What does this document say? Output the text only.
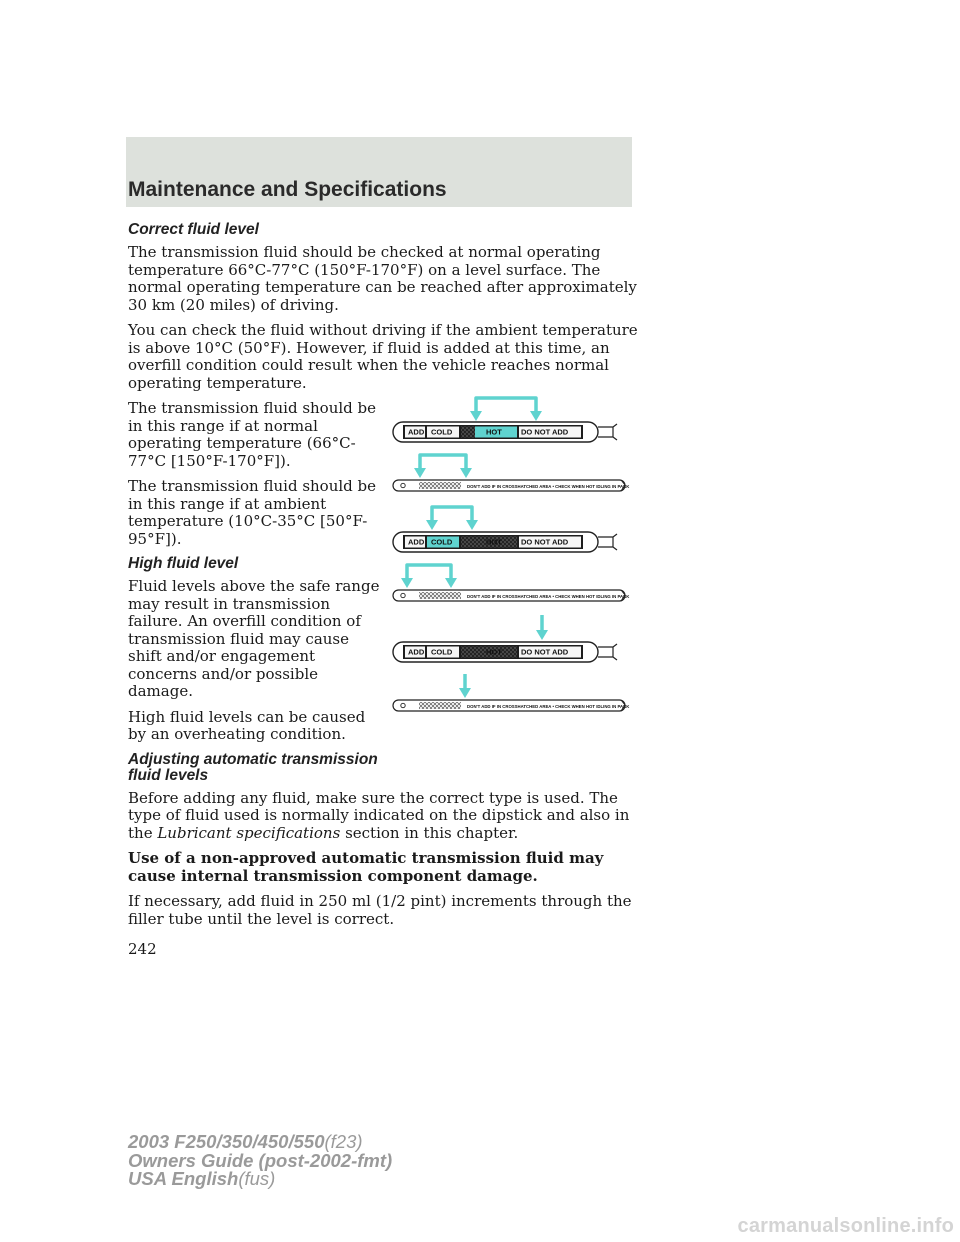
Maintenance and Specifications
Correct fluid level

The transmission fluid should be checked at normal operating temperature 66°C-77°C (150°F-170°F) on a level surface. The normal operating temperature can be reached after approximately 30 km (20 miles) of driving.

You can check the fluid without driving if the ambient temperature is above 10°C (50°F). However, if fluid is added at this time, an overfill condition could result when the vehicle reaches normal operating temperature.

The transmission fluid should be in this range if at normal operating temperature (66°C-77°C [150°F-170°F]).

The transmission fluid should be in this range if at ambient temperature (10°C-35°C [50°F-95°F]).

High fluid level

Fluid levels above the safe range may result in transmission failure. An overfill condition of transmission fluid may cause shift and/or engagement concerns and/or possible damage.

High fluid levels can be caused by an overheating condition.

Adjusting automatic transmission fluid levels

Before adding any fluid, make sure the correct type is used. The type of fluid used is normally indicated on the dipstick and also in the Lubricant specifications section in this chapter.

Use of a non-approved automatic transmission fluid may cause internal transmission component damage.

If necessary, add fluid in 250 ml (1/2 pint) increments through the filler tube until the level is correct.

ADD COLD	HOT	DO NOT ADD
DON'T ADD IF IN CROSSHATCHED AREA • CHECK WHEN HOT IDLING IN PARK
ADD COLD	HOT	DO NOT ADD
DON'T ADD IF IN CROSSHATCHED AREA • CHECK WHEN HOT IDLING IN PARK
ADD COLD	HOT	DO NOT ADD
DON'T ADD IF IN CROSSHATCHED AREA • CHECK WHEN HOT IDLING IN PARK
242
2003 F250/350/450/550(f23)
Owners Guide (post-2002-fmt)
USA English(fus)
carmanualsonline.info
